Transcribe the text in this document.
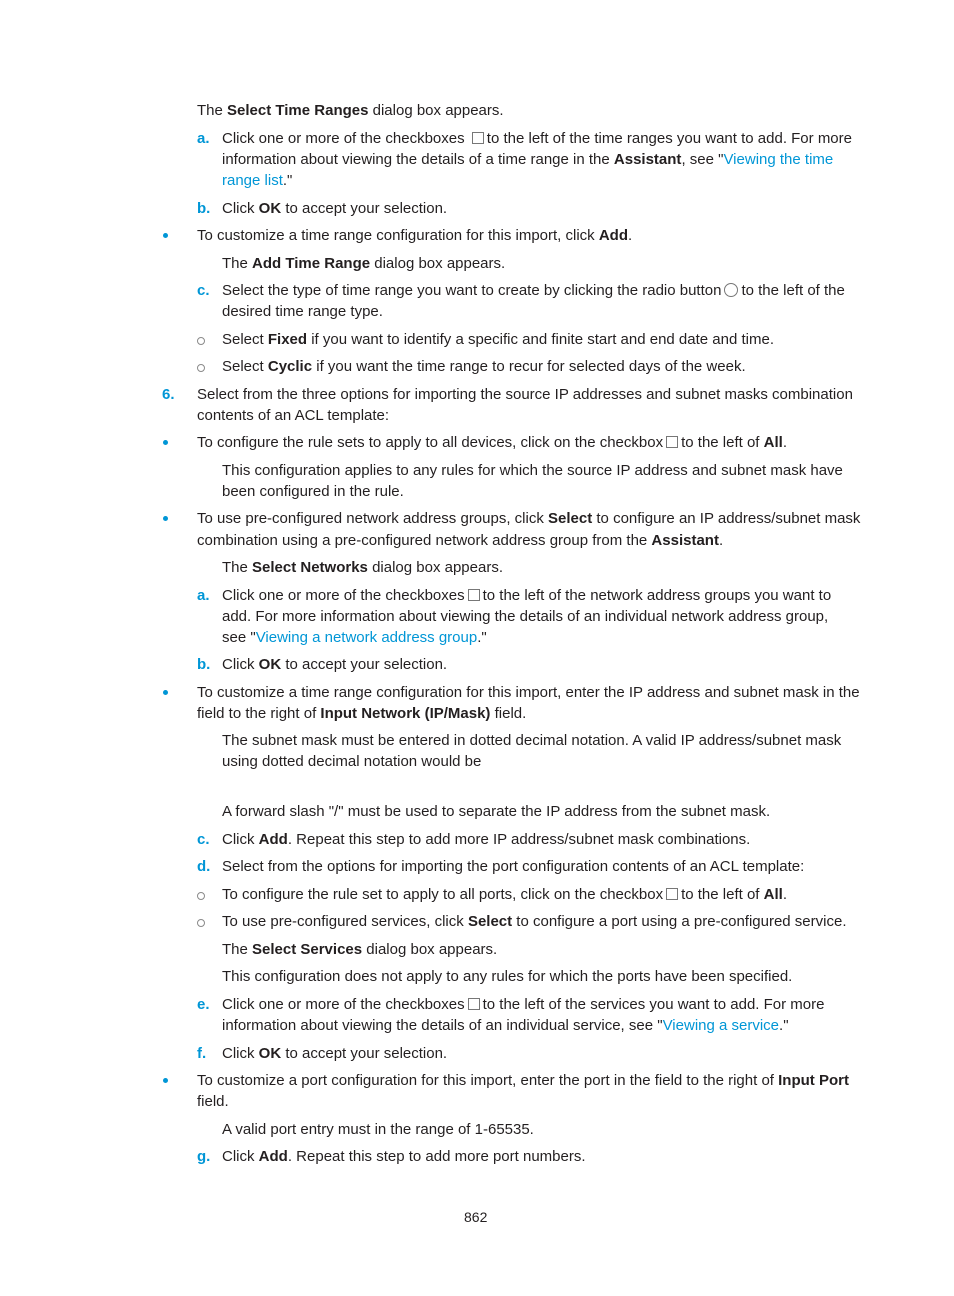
The Select Time Ranges dialog box appears.
a. Click one or more of the checkboxes to the left of the time ranges you want to add. For more
information about viewing the details of a time range in the Assistant, see "Viewing the time
range list."
b. Click OK to accept your selection.
To customize a time range configuration for this import, click Add.
The Add Time Range dialog box appears.
c. Select the type of time range you want to create by clicking the radio button to the left of the
desired time range type.
Select Fixed if you want to identify a specific and finite start and end date and time.
Select Cyclic if you want the time range to recur for selected days of the week.
6. Select from the three options for importing the source IP addresses and subnet masks combination
contents of an ACL template:
To configure the rule sets to apply to all devices, click on the checkbox to the left of All.
This configuration applies to any rules for which the source IP address and subnet mask have
been configured in the rule.
To use pre-configured network address groups, click Select to configure an IP address/subnet mask
combination using a pre-configured network address group from the Assistant.
The Select Networks dialog box appears.
a. Click one or more of the checkboxes to the left of the network address groups you want to
add. For more information about viewing the details of an individual network address group,
see "Viewing a network address group."
b. Click OK to accept your selection.
To customize a time range configuration for this import, enter the IP address and subnet mask in the
field to the right of Input Network (IP/Mask) field.
The subnet mask must be entered in dotted decimal notation. A valid IP address/subnet mask
using dotted decimal notation would be
A forward slash "/" must be used to separate the IP address from the subnet mask.
c. Click Add. Repeat this step to add more IP address/subnet mask combinations.
d. Select from the options for importing the port configuration contents of an ACL template:
To configure the rule set to apply to all ports, click on the checkbox to the left of All.
To use pre-configured services, click Select to configure a port using a pre-configured service.
The Select Services dialog box appears.
This configuration does not apply to any rules for which the ports have been specified.
e. Click one or more of the checkboxes to the left of the services you want to add. For more
information about viewing the details of an individual service, see "Viewing a service."
f. Click OK to accept your selection.
To customize a port configuration for this import, enter the port in the field to the right of Input Port
field.
A valid port entry must in the range of 1-65535.
g. Click Add. Repeat this step to add more port numbers.
862
